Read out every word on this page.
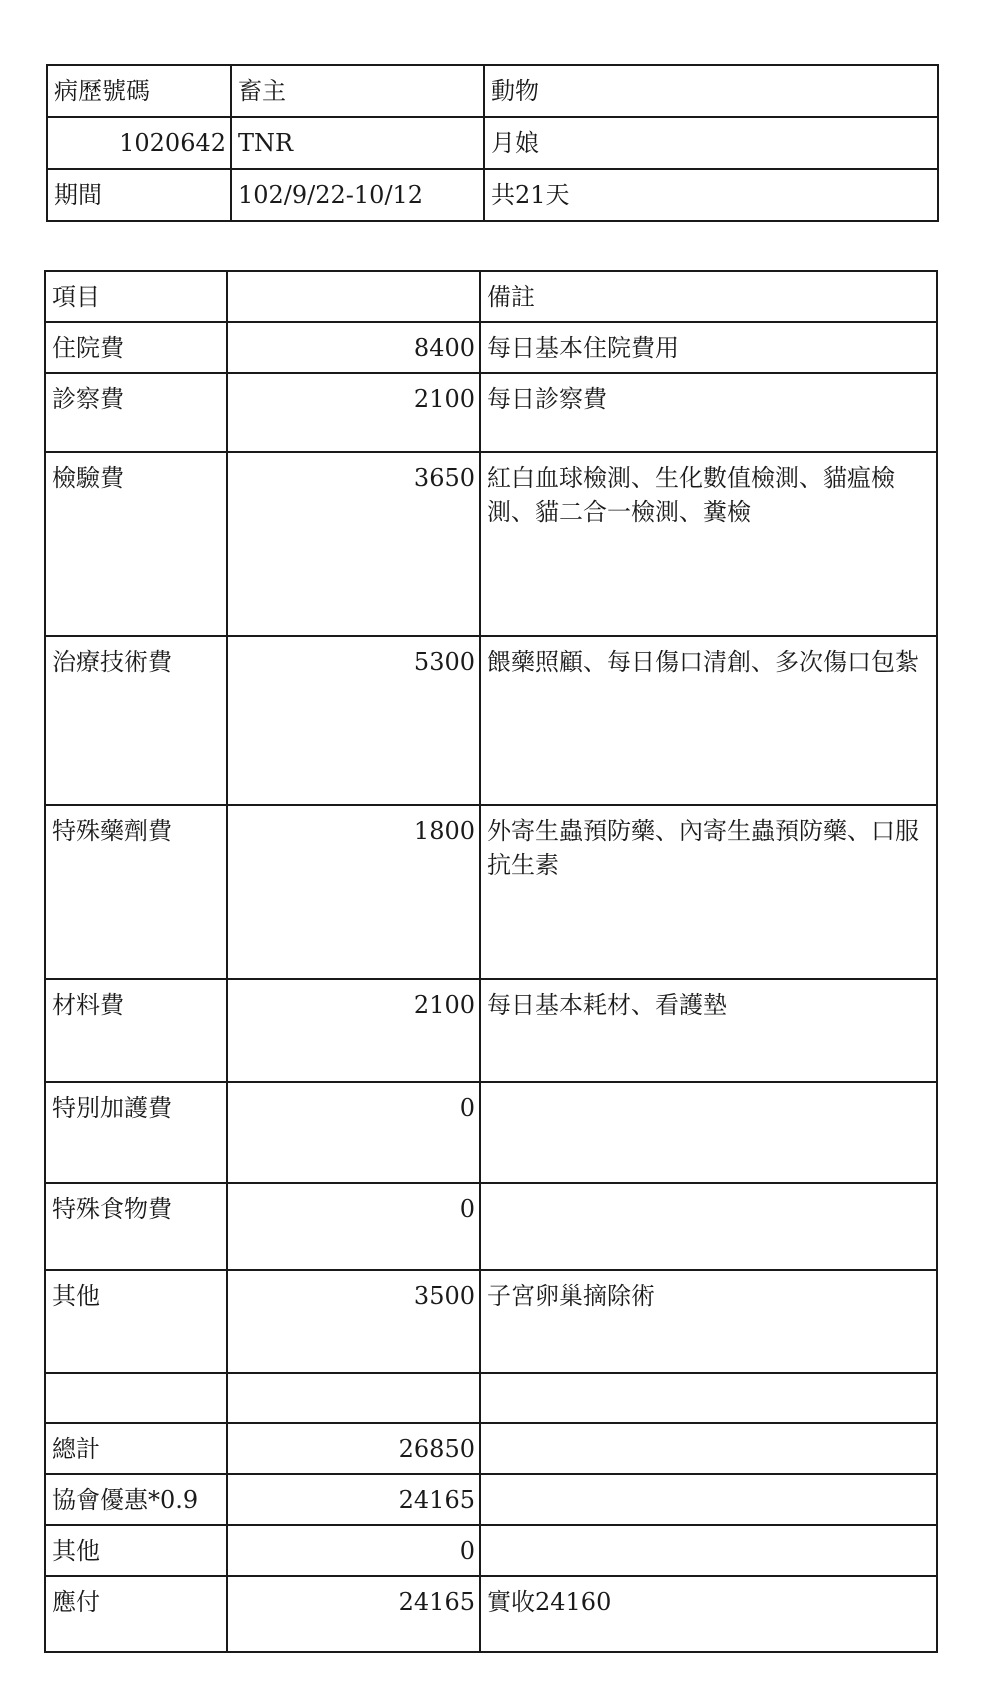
病歷號碼	畜主	動物
1020642	TNR	月娘
期間	102/9/22-10/12	共21天
項目		備註
住院費	8400	每日基本住院費用
診察費	2100	每日診察費
檢驗費	3650	紅白血球檢測、生化數值檢測、貓瘟檢測、貓二合一檢測、糞檢
治療技術費	5300	餵藥照顧、每日傷口清創、多次傷口包紮
特殊藥劑費	1800	外寄生蟲預防藥、內寄生蟲預防藥、口服抗生素
材料費	2100	每日基本耗材、看護墊
特別加護費	0	
特殊食物費	0	
其他	3500	子宮卵巢摘除術

總計	26850	
協會優惠*0.9	24165	
其他	0	
應付	24165	實收24160
